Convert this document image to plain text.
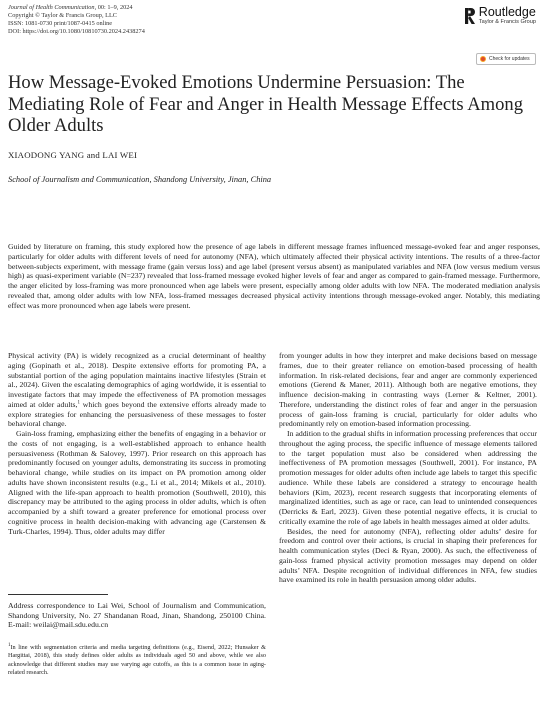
Journal of Health Communication, 00: 1–9, 2024
Copyright © Taylor & Francis Group, LLC
ISSN: 1081-0730 print/1087-0415 online
DOI: https://doi.org/10.1080/10810730.2024.2438274
Routledge
Taylor & Francis Group
Check for updates
How Message-Evoked Emotions Undermine Persuasion: The Mediating Role of Fear and Anger in Health Message Effects Among Older Adults
XIAODONG YANG and LAI WEI
School of Journalism and Communication, Shandong University, Jinan, China
Guided by literature on framing, this study explored how the presence of age labels in different message frames influenced message-evoked fear and anger responses, particularly for older adults with different levels of need for autonomy (NFA), which ultimately affected their physical activity intentions. The results of a three-factor between-subjects experiment, with message frame (gain versus loss) and age label (present versus absent) as manipulated variables and NFA (low versus medium versus high) as quasi-experiment variable (N=237) revealed that loss-framed message evoked higher levels of fear and anger as compared to gain-framed message. Furthermore, the anger elicited by loss-framing was more pronounced when age labels were present, especially among older adults with low NFA. The moderated mediation analysis revealed that, among older adults with low NFA, loss-framed messages decreased physical activity intentions through message-evoked anger. Notably, this mediating effect was more pronounced when age labels were present.

Physical activity (PA) is widely recognized as a crucial determinant of healthy aging (Gopinath et al., 2018). Despite extensive efforts for promoting PA, a substantial portion of the aging population maintains inactive lifestyles (Strain et al., 2024). Given the escalating demographics of aging worldwide, it is essential to investigate factors that may impede the effectiveness of PA promotion messages aimed at older adults,$^1$ which goes beyond the extensive efforts already made to explore strategies for enhancing the persuasiveness of these messages to foster behavioral change.

Gain-loss framing, emphasizing either the benefits of engaging in a behavior or the costs of not engaging, is a well-established approach to enhance health persuasiveness (Rothman & Salovey, 1997). Prior research on this approach has predominantly focused on younger adults, demonstrating its success in promoting behavioral change, while studies on its impact on PA promotion among older adults have shown inconsistent results (e.g., Li et al., 2014; Mikels et al., 2010). Aligned with the life-span approach to health promotion (Southwell, 2010), this discrepancy may be attributed to the aging process in older adults, which is often accompanied by a shift toward a greater preference for emotional process over cognitive process in health decision-making with advancing age (Carstensen & Turk-Charles, 1994). Thus, older adults may differ

from younger adults in how they interpret and make decisions based on message frames, due to their greater reliance on emotion-based processing of health information. In risk-related decisions, fear and anger are commonly experienced emotions (Gerend & Maner, 2011). Although both are negative emotions, they influence decision-making in contrasting ways (Lerner & Keltner, 2001). Therefore, understanding the distinct roles of fear and anger in the persuasion process of gain-loss framing is crucial, particularly for older adults who predominantly rely on emotion-based information processing.

In addition to the gradual shifts in information processing preferences that occur throughout the aging process, the specific influence of message elements tailored to the target population must also be considered when addressing the ineffectiveness of PA promotion messages (Southwell, 2001). For instance, PA promotion messages for older adults often include age labels to target this specific audience. While these labels are considered a strategy to encourage health behaviors (Kim, 2023), recent research suggests that incorporating elements of marginalized identities, such as age or race, can lead to unintended consequences (Derricks & Earl, 2023). Given these potential negative effects, it is crucial to critically examine the role of age labels in health messages aimed at older adults.

Besides, the need for autonomy (NFA), reflecting older adults’ desire for freedom and control over their actions, is crucial in shaping their preferences for health communication styles (Deci & Ryan, 2000). As such, the effectiveness of gain-loss framed physical activity promotion messages may depend on older adults’ NFA. Despite recognition of individual differences in NFA, few studies have examined its role in health persuasion among older adults.

Address correspondence to Lai Wei, School of Journalism and Communication, Shandong University, No. 27 Shandanan Road, Jinan, Shandong, 250100 China. E-mail: weilai@mail.sdu.edu.cn

$^1$In line with segmentation criteria and media targeting definitions (e.g., Eisend, 2022; Hunsaker & Hargittai, 2018), this study defines older adults as individuals aged 50 and above, while we also acknowledge that different studies may use varying age cutoffs, as this is a common issue in aging-related research.
